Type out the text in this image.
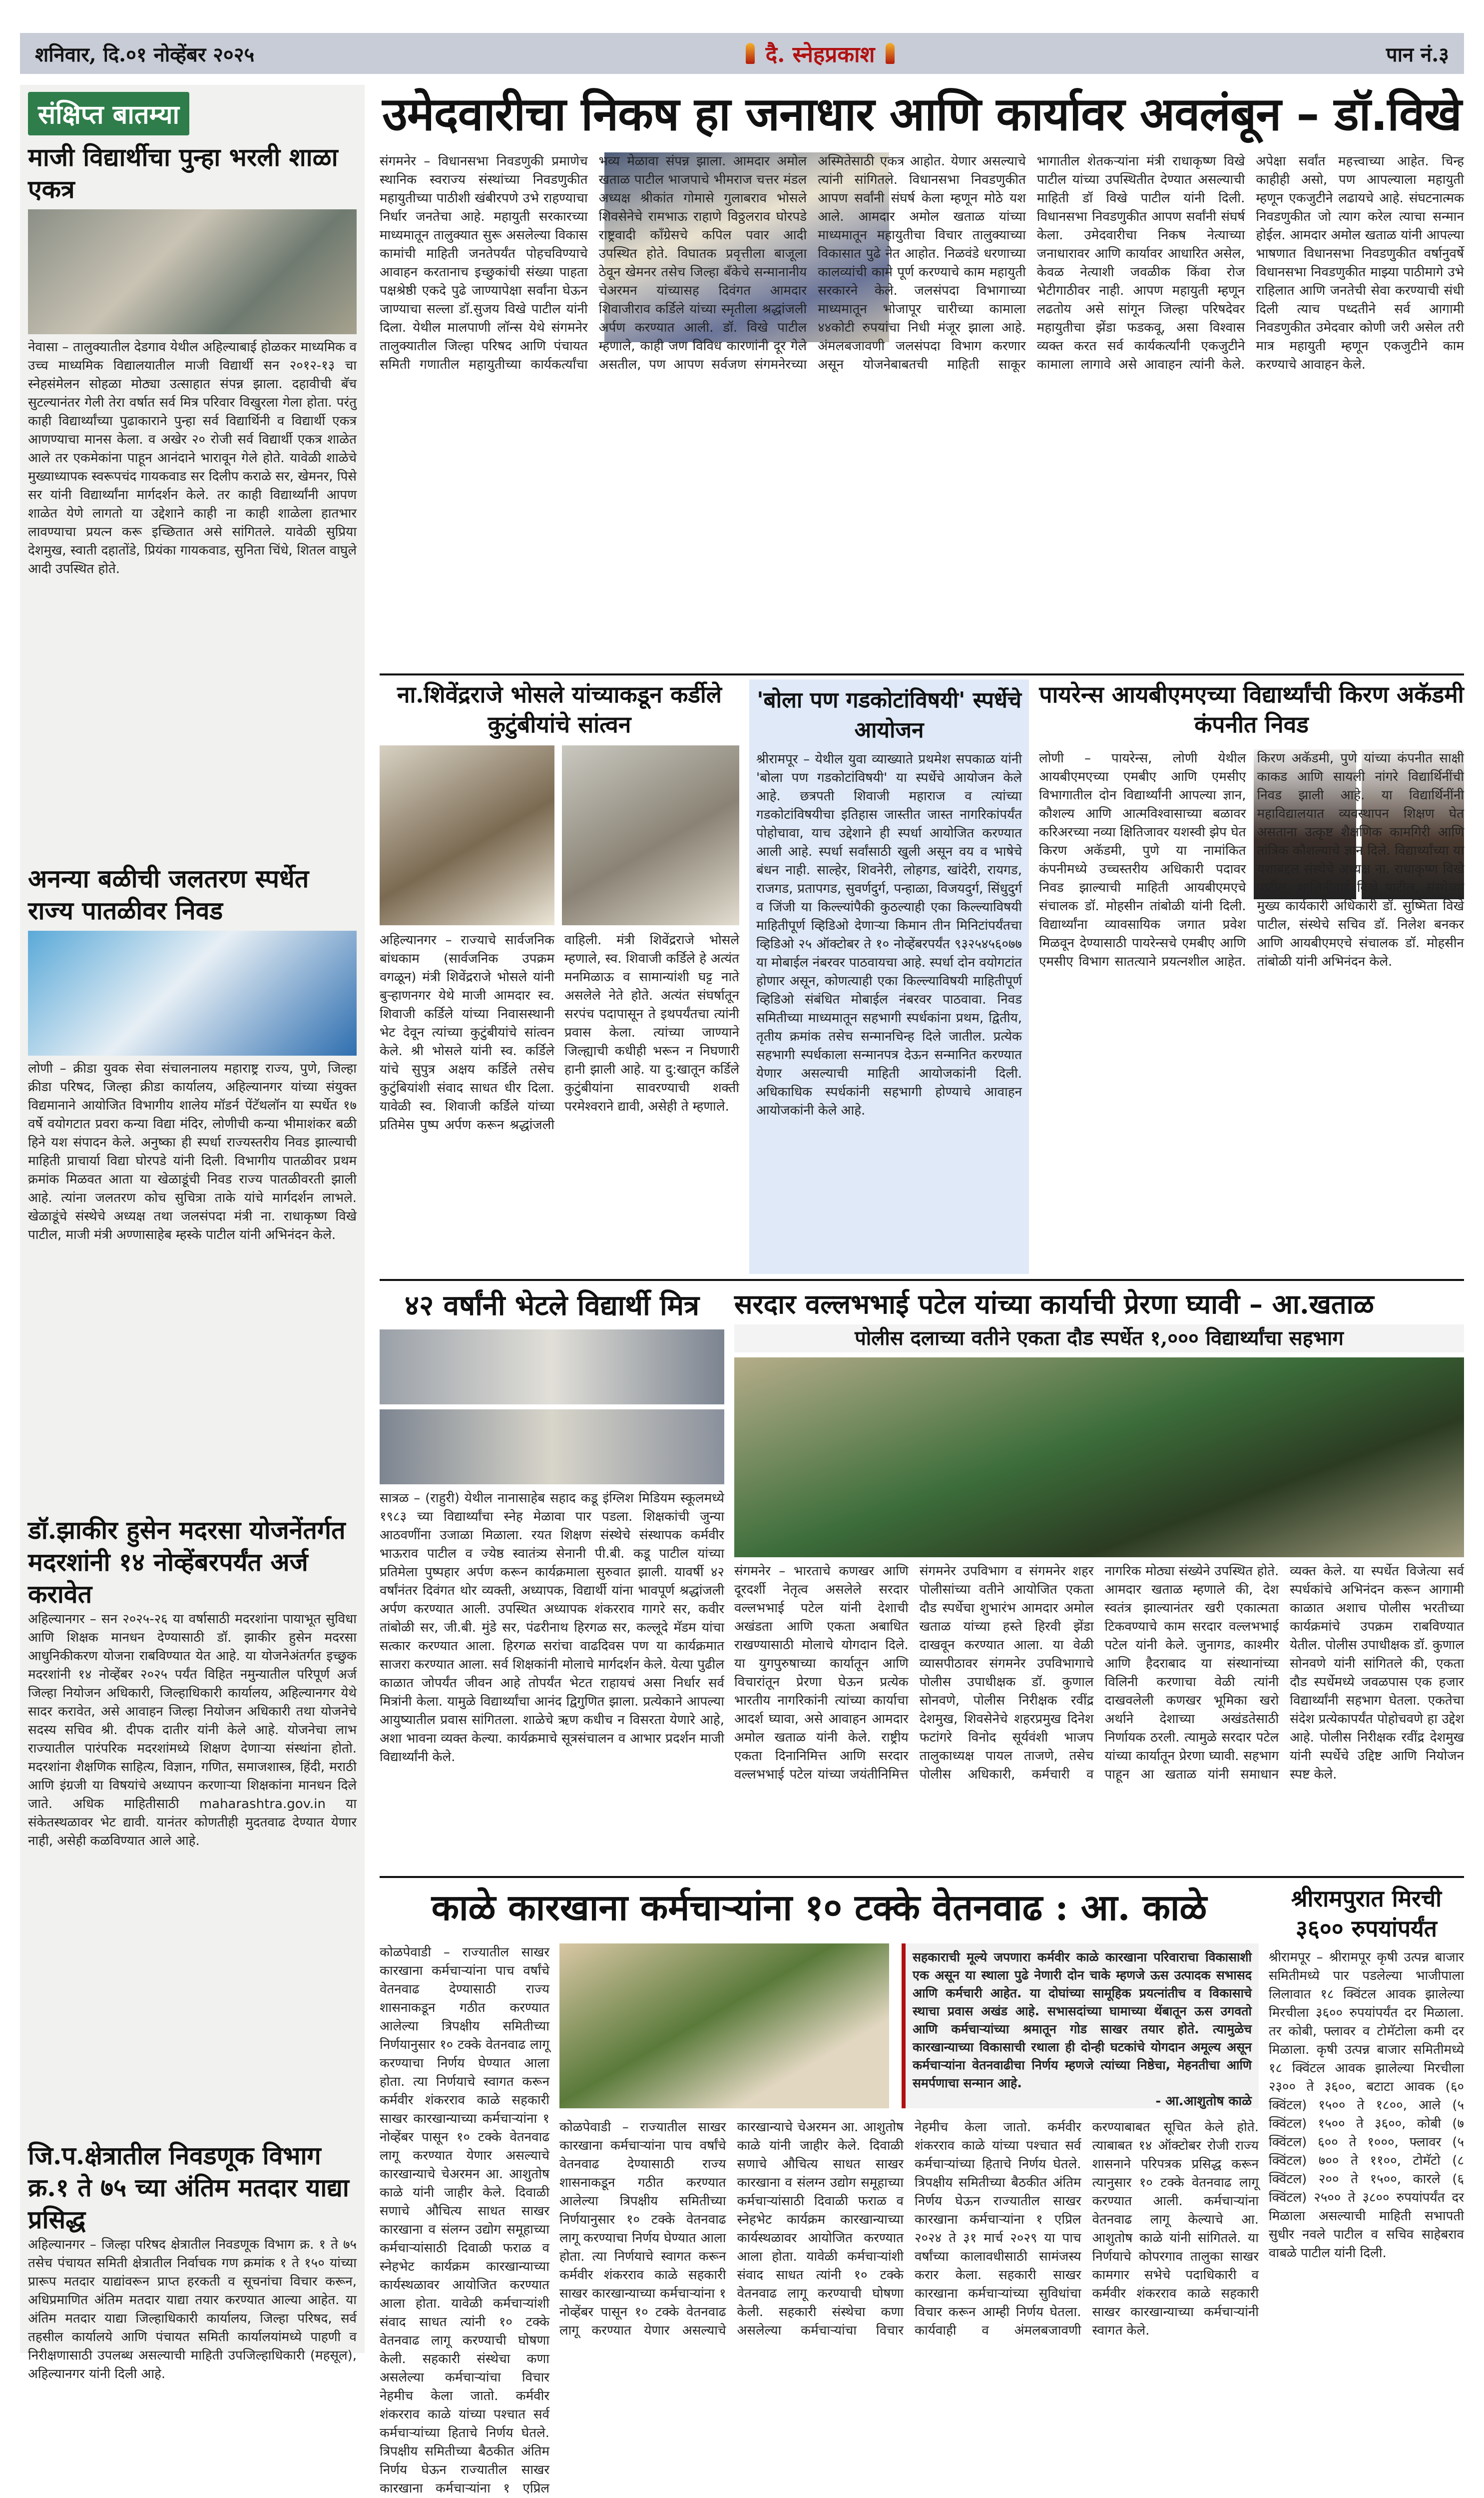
शनिवार, दि.०१ नोव्हेंबर २०२५	दै. स्नेहप्रकाश	पान नं.३
संक्षिप्त बातम्या
माजी विद्यार्थीचा पुन्हा भरली शाळा एकत्र
नेवासा – तालुक्यातील देडगाव येथील अहिल्याबाई होळकर माध्यमिक व उच्च माध्यमिक विद्यालयातील माजी विद्यार्थी सन २०१२-१३ चा स्नेहसंमेलन सोहळा मोठ्या उत्साहात संपन्न झाला. दहावीची बॅच सुटल्यानंतर गेली तेरा वर्षात सर्व मित्र परिवार विखुरला गेला होता. परंतु काही विद्यार्थ्यांच्या पुढाकाराने पुन्हा सर्व विद्यार्थिनी व विद्यार्थी एकत्र आणण्याचा मानस केला. व अखेर २० रोजी सर्व विद्यार्थी एकत्र शाळेत आले तर एकमेकांना पाहून आनंदाने भारावून गेले होते. यावेळी शाळेचे मुख्याध्यापक स्वरूपचंद गायकवाड सर दिलीप कराळे सर, खेमनर, पिसे सर यांनी विद्यार्थ्यांना मार्गदर्शन केले. तर काही विद्यार्थ्यांनी आपण शाळेत येणे लागतो या उद्देशाने काही ना काही शाळेला हातभार लावण्याचा प्रयत्न करू इच्छितात असे सांगितले. यावेळी सुप्रिया देशमुख, स्वाती दहातोंडे, प्रियंका गायकवाड, सुनिता चिंधे, शितल वाघुले आदी उपस्थित होते.
अनन्या बळीची जलतरण स्पर्धेत राज्य पातळीवर निवड
लोणी – क्रीडा युवक सेवा संचालनालय महाराष्ट्र राज्य, पुणे, जिल्हा क्रीडा परिषद, जिल्हा क्रीडा कार्यालय, अहिल्यानगर यांच्या संयुक्त विद्यमानाने आयोजित विभागीय शालेय मॉडर्न पेंटॅथलॉन या स्पर्धेत १७ वर्षे वयोगटात प्रवरा कन्या विद्या मंदिर, लोणीची कन्या भीमाशंकर बळी हिने यश संपादन केले. अनुष्का ही स्पर्धा राज्यस्तरीय निवड झाल्याची माहिती प्राचार्या विद्या घोरपडे यांनी दिली. विभागीय पातळीवर प्रथम क्रमांक मिळवत आता या खेळाडूंची निवड राज्य पातळीवरती झाली आहे. त्यांना जलतरण कोच सुचित्रा ताके यांचे मार्गदर्शन लाभले. खेळाडूंचे संस्थेचे अध्यक्ष तथा जलसंपदा मंत्री ना. राधाकृष्ण विखे पाटील, माजी मंत्री अण्णासाहेब म्हस्के पाटील यांनी अभिनंदन केले.
डॉ.झाकीर हुसेन मदरसा योजनेंतर्गत मदरशांनी १४ नोव्हेंबरपर्यंत अर्ज करावेत
अहिल्यानगर – सन २०२५-२६ या वर्षासाठी मदरशांना पायाभूत सुविधा आणि शिक्षक मानधन देण्यासाठी डॉ. झाकीर हुसेन मदरसा आधुनिकीकरण योजना राबविण्यात येत आहे. या योजनेअंतर्गत इच्छुक मदरशांनी १४ नोव्हेंबर २०२५ पर्यंत विहित नमुन्यातील परिपूर्ण अर्ज जिल्हा नियोजन अधिकारी, जिल्हाधिकारी कार्यालय, अहिल्यानगर येथे सादर करावेत, असे आवाहन जिल्हा नियोजन अधिकारी तथा योजनेचे सदस्य सचिव श्री. दीपक दातीर यांनी केले आहे. योजनेचा लाभ राज्यातील पारंपरिक मदरशांमध्ये शिक्षण देणाऱ्या संस्थांना होतो. मदरशांना शैक्षणिक साहित्य, विज्ञान, गणित, समाजशास्त्र, हिंदी, मराठी आणि इंग्रजी या विषयांचे अध्यापन करणाऱ्या शिक्षकांना मानधन दिले जाते. अधिक माहितीसाठी maharashtra.gov.in या संकेतस्थळावर भेट द्यावी. यानंतर कोणतीही मुदतवाढ देण्यात येणार नाही, असेही कळविण्यात आले आहे.
जि.प.क्षेत्रातील निवडणूक विभाग क्र.१ ते ७५ च्या अंतिम मतदार याद्या प्रसिद्ध
अहिल्यानगर – जिल्हा परिषद क्षेत्रातील निवडणूक विभाग क्र. १ ते ७५ तसेच पंचायत समिती क्षेत्रातील निर्वाचक गण क्रमांक १ ते १५० यांच्या प्रारूप मतदार याद्यांवरून प्राप्त हरकती व सूचनांचा विचार करून, अधिप्रमाणित अंतिम मतदार याद्या तयार करण्यात आल्या आहेत. या अंतिम मतदार याद्या जिल्हाधिकारी कार्यालय, जिल्हा परिषद, सर्व तहसील कार्यालये आणि पंचायत समिती कार्यालयांमध्ये पाहणी व निरीक्षणासाठी उपलब्ध असल्याची माहिती उपजिल्हाधिकारी (महसूल), अहिल्यानगर यांनी दिली आहे.
उमेदवारीचा निकष हा जनाधार आणि कार्यावर अवलंबून – डॉ.विखे
संगमनेर – विधानसभा निवडणुकी प्रमाणेच स्थानिक स्वराज्य संस्थांच्या निवडणुकीत महायुतीच्या पाठीशी खंबीरपणे उभे राहण्याचा निर्धार जनतेचा आहे. महायुती सरकारच्या माध्यमातून तालुक्यात सुरू असलेल्या विकास कामांची माहिती जनतेपर्यंत पोहचविण्याचे आवाहन करतानाच इच्छुकांची संख्या पाहता पक्षश्रेष्ठी एकदे पुढे जाण्यापेक्षा सर्वांना घेऊन जाण्याचा सल्ला डॉ.सुजय विखे पाटील यांनी दिला. येथील मालपाणी लॉन्स येथे संगमनेर तालुक्यातील जिल्हा परिषद आणि पंचायत समिती गणातील महायुतीच्या कार्यकर्त्यांचा भव्य मेळावा संपन्न झाला. आमदार अमोल खताळ पाटील भाजपाचे भीमराज चत्तर मंडल अध्यक्ष श्रीकांत गोमासे गुलाबराव भोसले शिवसेनेचे रामभाऊ राहाणे विठ्ठलराव घोरपडे राष्ट्रवादी काँग्रेसचे कपिल पवार आदी उपस्थित होते. विघातक प्रवृत्तीला बाजूला ठेवून खेमनर तसेच जिल्हा बँकेचे सन्मानानीय चेअरमन यांच्यासह दिवंगत आमदार शिवाजीराव कर्डिले यांच्या स्मृतीला श्रद्धांजली अर्पण करण्यात आली. डॉ. विखे पाटील म्हणाले, काही जण विविध कारणांनी दूर गेले असतील, पण आपण सर्वजण संगमनेरच्या अस्मितेसाठी एकत्र आहोत. येणार असल्याचे त्यांनी सांगितले. विधानसभा निवडणुकीत आपण सर्वांनी संघर्ष केला म्हणून मोठे यश आले. आमदार अमोल खताळ यांच्या माध्यमातून महायुतीचा विचार तालुक्याच्या विकासात पुढे नेत आहोत. निळवंडे धरणाच्या कालव्यांची कामे पूर्ण करण्याचे काम महायुती सरकारने केले. जलसंपदा विभागाच्या माध्यमातून भोजापूर चारीच्या कामाला ४४कोटी रुपयांचा निधी मंजूर झाला आहे. अंमलबजावणी जलसंपदा विभाग करणार असून योजनेबाबतची माहिती साकूर भागातील शेतकऱ्यांना मंत्री राधाकृष्ण विखे पाटील यांच्या उपस्थितीत देण्यात असल्याची माहिती डॉ विखे पाटील यांनी दिली. विधानसभा निवडणुकीत आपण सर्वांनी संघर्ष केला. उमेदवारीचा निकष नेत्याच्या जनाधारावर आणि कार्यावर आधारित असेल, केवळ नेत्याशी जवळीक किंवा रोज भेटीगाठीवर नाही. आपण महायुती म्हणून लढतोय असे सांगून जिल्हा परिषदेवर महायुतीचा झेंडा फडकवू, असा विश्वास व्यक्त करत सर्व कार्यकर्त्यांनी एकजुटीने कामाला लागावे असे आवाहन त्यांनी केले. अपेक्षा सर्वांत महत्त्वाच्या आहेत. चिन्ह काहीही असो, पण आपल्याला महायुती म्हणून एकजुटीने लढायचे आहे. संघटनात्मक निवडणुकीत जो त्याग करेल त्याचा सन्मान होईल. आमदार अमोल खताळ यांनी आपल्या भाषणात विधानसभा निवडणुकीत वर्षानुवर्षे विधानसभा निवडणुकीत माझ्या पाठीमागे उभे राहिलात आणि जनतेची सेवा करण्याची संधी दिली त्याच पध्दतीने सर्व आगामी निवडणुकीत उमेदवार कोणी जरी असेल तरी मात्र महायुती म्हणून एकजुटीने काम करण्याचे आवाहन केले.
ना.शिवेंद्रराजे भोसले यांच्याकडून कर्डीले कुटुंबीयांचे सांत्वन
अहिल्यानगर – राज्याचे सार्वजनिक बांधकाम (सार्वजनिक उपक्रम वगळून) मंत्री शिवेंद्रराजे भोसले यांनी बुऱ्हाणनगर येथे माजी आमदार स्व. शिवाजी कर्डिले यांच्या निवासस्थानी भेट देवून त्यांच्या कुटुंबीयांचे सांत्वन केले. श्री भोसले यांनी स्व. कर्डिले यांचे सुपुत्र अक्षय कर्डिले तसेच कुटुंबियांशी संवाद साधत धीर दिला. यावेळी स्व. शिवाजी कर्डिले यांच्या प्रतिमेस पुष्प अर्पण करून श्रद्धांजली वाहिली. मंत्री शिवेंद्रराजे भोसले म्हणाले, स्व. शिवाजी कर्डिले हे अत्यंत मनमिळाऊ व सामान्यांशी घट्ट नाते असलेले नेते होते. अत्यंत संघर्षातून सरपंच पदापासून ते इथपर्यंतचा त्यांनी प्रवास केला. त्यांच्या जाण्याने जिल्ह्याची कधीही भरून न निघणारी हानी झाली आहे. या दु:खातून कर्डिले कुटुंबीयांना सावरण्याची शक्ती परमेश्वराने द्यावी, असेही ते म्हणाले.
'बोला पण गडकोटांविषयी' स्पर्धेचे आयोजन
श्रीरामपूर – येथील युवा व्याख्याते प्रथमेश सपकाळ यांनी 'बोला पण गडकोटांविषयी' या स्पर्धेचे आयोजन केले आहे. छत्रपती शिवाजी महाराज व त्यांच्या गडकोटांविषयीचा इतिहास जास्तीत जास्त नागरिकांपर्यंत पोहोचावा, याच उद्देशाने ही स्पर्धा आयोजित करण्यात आली आहे. स्पर्धा सर्वांसाठी खुली असून वय व भाषेचे बंधन नाही. साल्हेर, शिवनेरी, लोहगड, खांदेरी, रायगड, राजगड, प्रतापगड, सुवर्णदुर्ग, पन्हाळा, विजयदुर्ग, सिंधुदुर्ग व जिंजी या किल्ल्यांपैकी कुठल्याही एका किल्ल्याविषयी माहितीपूर्ण व्हिडिओ देणाऱ्या किमान तीन मिनिटांपर्यंतचा व्हिडिओ २५ ऑक्टोबर ते १० नोव्हेंबरपर्यंत ९३२५४५६०७७ या मोबाईल नंबरवर पाठवायचा आहे. स्पर्धा दोन वयोगटांत होणार असून, कोणत्याही एका किल्ल्याविषयी माहितीपूर्ण व्हिडिओ संबंधित मोबाईल नंबरवर पाठवावा. निवड समितीच्या माध्यमातून सहभागी स्पर्धकांना प्रथम, द्वितीय, तृतीय क्रमांक तसेच सन्मानचिन्ह दिले जातील. प्रत्येक सहभागी स्पर्धकाला सन्मानपत्र देऊन सन्मानित करण्यात येणार असल्याची माहिती आयोजकांनी दिली. अधिकाधिक स्पर्धकांनी सहभागी होण्याचे आवाहन आयोजकांनी केले आहे.
पायरेन्स आयबीएमएच्या विद्यार्थ्यांची किरण अकॅडमी कंपनीत निवड
लोणी – पायरेन्स, लोणी येथील आयबीएमएच्या एमबीए आणि एमसीए विभागातील दोन विद्यार्थ्यांनी आपल्या ज्ञान, कौशल्य आणि आत्मविश्वासाच्या बळावर करिअरच्या नव्या क्षितिजावर यशस्वी झेप घेत किरण अकॅडमी, पुणे या नामांकित कंपनीमध्ये उच्चस्तरीय अधिकारी पदावर निवड झाल्याची माहिती आयबीएमएचे संचालक डॉ. मोहसीन तांबोळी यांनी दिली. विद्यार्थ्यांना व्यावसायिक जगात प्रवेश मिळवून देण्यासाठी पायरेन्सचे एमबीए आणि एमसीए विभाग सातत्याने प्रयत्नशील आहेत. किरण अकॅडमी, पुणे यांच्या कंपनीत साक्षी काकड आणि सायली नांगरे विद्यार्थिनींची निवड झाली आहे. या विद्यार्थिनींनी महाविद्यालयात व्यवस्थापन शिक्षण घेत असताना उत्कृष्ट शैक्षणिक कामगिरी आणि तांत्रिक कौशल्याचे ज्ञान दिले. विद्यार्थ्यांच्या या यशाबद्दल संस्थेचे अध्यक्ष ना. राधाकृष्ण विखे पाटील, शालिनीताई विखे पाटील, संस्थेच्या मुख्य कार्यकारी अधिकारी डॉ. सुष्मिता विखे पाटील, संस्थेचे सचिव डॉ. निलेश बनकर आणि आयबीएमएचे संचालक डॉ. मोहसीन तांबोळी यांनी अभिनंदन केले.
४२ वर्षांनी भेटले विद्यार्थी मित्र
सात्रळ – (राहुरी) येथील नानासाहेब सहाद कडू इंग्लिश मिडियम स्कूलमध्ये १९८३ च्या विद्यार्थ्यांचा स्नेह मेळावा पार पडला. शिक्षकांची जुन्या आठवणींना उजाळा मिळाला. रयत शिक्षण संस्थेचे संस्थापक कर्मवीर भाऊराव पाटील व ज्येष्ठ स्वातंत्र्य सेनानी पी.बी. कडू पाटील यांच्या प्रतिमेला पुष्पहार अर्पण करून कार्यक्रमाला सुरुवात झाली. यावर्षी ४२ वर्षांनंतर दिवंगत थोर व्यक्ती, अध्यापक, विद्यार्थी यांना भावपूर्ण श्रद्धांजली अर्पण करण्यात आली. उपस्थित अध्यापक शंकरराव गागरे सर, कवीर तांबोळी सर, जी.बी. मुंडे सर, पंढरीनाथ हिरगळ सर, कल्लूदे मॅडम यांचा सत्कार करण्यात आला. हिरगळ सरांचा वाढदिवस पण या कार्यक्रमात साजरा करण्यात आला. सर्व शिक्षकांनी मोलाचे मार्गदर्शन केले. येत्या पुढील काळात जोपर्यंत जीवन आहे तोपर्यंत भेटत राहायचं असा निर्धार सर्व मित्रांनी केला. यामुळे विद्यार्थ्यांचा आनंद द्विगुणित झाला. प्रत्येकाने आपल्या आयुष्यातील प्रवास सांगितला. शाळेचे ऋण कधीच न विसरता येणारे आहे, अशा भावना व्यक्त केल्या. कार्यक्रमाचे सूत्रसंचालन व आभार प्रदर्शन माजी विद्यार्थ्यांनी केले.
सरदार वल्लभभाई पटेल यांच्या कार्याची प्रेरणा घ्यावी – आ.खताळ
पोलीस दलाच्या वतीने एकता दौड स्पर्धेत १,००० विद्यार्थ्यांचा सहभाग
संगमनेर – भारताचे कणखर आणि दूरदर्शी नेतृत्व असलेले सरदार वल्लभभाई पटेल यांनी देशाची अखंडता आणि एकता अबाधित राखण्यासाठी मोलाचे योगदान दिले. या युगपुरुषाच्या कार्यातून आणि विचारांतून प्रेरणा घेऊन प्रत्येक भारतीय नागरिकांनी त्यांच्या कार्याचा आदर्श घ्यावा, असे आवाहन आमदार अमोल खताळ यांनी केले. राष्ट्रीय एकता दिनानिमित्त आणि सरदार वल्लभभाई पटेल यांच्या जयंतीनिमित्त संगमनेर उपविभाग व संगमनेर शहर पोलीसांच्या वतीने आयोजित एकता दौड स्पर्धेचा शुभारंभ आमदार अमोल खताळ यांच्या हस्ते हिरवी झेंडा दाखवून करण्यात आला. या वेळी व्यासपीठावर संगमनेर उपविभागाचे पोलीस उपाधीक्षक डॉ. कुणाल सोनवणे, पोलीस निरीक्षक रवींद्र देशमुख, शिवसेनेचे शहरप्रमुख दिनेश फटांगरे विनोद सूर्यवंशी भाजप तालुकाध्यक्ष पायल ताजणे, तसेच पोलीस अधिकारी, कर्मचारी व नागरिक मोठ्या संख्येने उपस्थित होते. आमदार खताळ म्हणाले की, देश स्वतंत्र झाल्यानंतर खरी एकात्मता टिकवण्याचे काम सरदार वल्लभभाई पटेल यांनी केले. जुनागड, काश्मीर आणि हैदराबाद या संस्थानांच्या विलिनी करणाचा वेळी त्यांनी दाखवलेली कणखर भूमिका खरो अर्थाने देशाच्या अखंडतेसाठी निर्णायक ठरली. त्यामुळे सरदार पटेल यांच्या कार्यातून प्रेरणा घ्यावी. सहभाग पाहून आ खताळ यांनी समाधान व्यक्त केले. या स्पर्धेत विजेत्या सर्व स्पर्धकांचे अभिनंदन करून आगामी काळात अशाच पोलीस भरतीच्या कार्यक्रमांचे उपक्रम राबविण्यात येतील. पोलीस उपाधीक्षक डॉ. कुणाल सोनवणे यांनी सांगितले की, एकता दौड स्पर्धेमध्ये जवळपास एक हजार विद्यार्थ्यांनी सहभाग घेतला. एकतेचा संदेश प्रत्येकापर्यंत पोहोचवणे हा उद्देश आहे. पोलीस निरीक्षक रवींद्र देशमुख यांनी स्पर्धेचे उद्दिष्ट आणि नियोजन स्पष्ट केले.
काळे कारखाना कर्मचाऱ्यांना १० टक्के वेतनवाढ : आ. काळे
सहकाराची मूल्ये जपणारा कर्मवीर काळे कारखाना परिवाराचा विकासाशी एक असून या स्थाला पुढे नेणारी दोन चाके म्हणजे ऊस उत्पादक सभासद आणि कर्मचारी आहेत. या दोघांच्या सामूहिक प्रयत्नांतीच व विकासाचे स्थाचा प्रवास अखंड आहे. सभासदांच्या घामाच्या थेंबातून ऊस उगवतो आणि कर्मचाऱ्यांच्या श्रमातून गोड साखर तयार होते. त्यामुळेच कारखान्याच्या विकासाची रथाला ही दोन्ही घटकांचे योगदान अमूल्य असून कर्मचाऱ्यांना वेतनवाढीचा निर्णय म्हणजे त्यांच्या निष्ठेचा, मेहनतीचा आणि समर्पणाचा सन्मान आहे.
- आ.आशुतोष काळे
कोळपेवाडी – राज्यातील साखर कारखाना कर्मचाऱ्यांना पाच वर्षांचे वेतनवाढ देण्यासाठी राज्य शासनाकडून गठीत करण्यात आलेल्या त्रिपक्षीय समितीच्या निर्णयानुसार १० टक्के वेतनवाढ लागू करण्याचा निर्णय घेण्यात आला होता. त्या निर्णयाचे स्वागत करून कर्मवीर शंकरराव काळे सहकारी साखर कारखान्याच्या कर्मचाऱ्यांना १ नोव्हेंबर पासून १० टक्के वेतनवाढ लागू करण्यात येणार असल्याचे कारखान्याचे चेअरमन आ. आशुतोष काळे यांनी जाहीर केले. दिवाळी सणाचे औचित्य साधत साखर कारखाना व संलग्न उद्योग समूहाच्या कर्मचाऱ्यांसाठी दिवाळी फराळ व स्नेहभेट कार्यक्रम कारखान्याच्या कार्यस्थळावर आयोजित करण्यात आला होता. यावेळी कर्मचाऱ्यांशी संवाद साधत त्यांनी १० टक्के वेतनवाढ लागू करण्याची घोषणा केली. सहकारी संस्थेचा कणा असलेल्या कर्मचाऱ्यांचा विचार नेहमीच केला जातो. कर्मवीर शंकरराव काळे यांच्या पश्चात सर्व कर्मचाऱ्यांच्या हिताचे निर्णय घेतले. त्रिपक्षीय समितीच्या बैठकीत अंतिम निर्णय घेऊन राज्यातील साखर कारखाना कर्मचाऱ्यांना १ एप्रिल
कोळपेवाडी – राज्यातील साखर कारखाना कर्मचाऱ्यांना पाच वर्षांचे वेतनवाढ देण्यासाठी राज्य शासनाकडून गठीत करण्यात आलेल्या त्रिपक्षीय समितीच्या निर्णयानुसार १० टक्के वेतनवाढ लागू करण्याचा निर्णय घेण्यात आला होता. त्या निर्णयाचे स्वागत करून कर्मवीर शंकरराव काळे सहकारी साखर कारखान्याच्या कर्मचाऱ्यांना १ नोव्हेंबर पासून १० टक्के वेतनवाढ लागू करण्यात येणार असल्याचे कारखान्याचे चेअरमन आ. आशुतोष काळे यांनी जाहीर केले. दिवाळी सणाचे औचित्य साधत साखर कारखाना व संलग्न उद्योग समूहाच्या कर्मचाऱ्यांसाठी दिवाळी फराळ व स्नेहभेट कार्यक्रम कारखान्याच्या कार्यस्थळावर आयोजित करण्यात आला होता. यावेळी कर्मचाऱ्यांशी संवाद साधत त्यांनी १० टक्के वेतनवाढ लागू करण्याची घोषणा केली. सहकारी संस्थेचा कणा असलेल्या कर्मचाऱ्यांचा विचार नेहमीच केला जातो. कर्मवीर शंकरराव काळे यांच्या पश्चात सर्व कर्मचाऱ्यांच्या हिताचे निर्णय घेतले. त्रिपक्षीय समितीच्या बैठकीत अंतिम निर्णय घेऊन राज्यातील साखर कारखाना कर्मचाऱ्यांना १ एप्रिल २०२४ ते ३१ मार्च २०२९ या पाच वर्षांच्या कालावधीसाठी सामंजस्य करार केला. सहकारी साखर कारखाना कर्मचाऱ्यांच्या सुविधांचा विचार करून आम्ही निर्णय घेतला. कार्यवाही व अंमलबजावणी करण्याबाबत सूचित केले होते. त्याबाबत १४ ऑक्टोबर रोजी राज्य शासनाने परिपत्रक प्रसिद्ध करून त्यानुसार १० टक्के वेतनवाढ लागू करण्यात आली. कर्मचाऱ्यांना वेतनवाढ लागू केल्याचे आ. आशुतोष काळे यांनी सांगितले. या निर्णयाचे कोपरगाव तालुका साखर कामगार सभेचे पदाधिकारी व कर्मवीर शंकरराव काळे सहकारी साखर कारखान्याच्या कर्मचाऱ्यांनी स्वागत केले.
श्रीरामपुरात मिरची ३६०० रुपयांपर्यंत
श्रीरामपूर – श्रीरामपूर कृषी उत्पन्न बाजार समितीमध्ये पार पडलेल्या भाजीपाला लिलावात १८ क्विंटल आवक झालेल्या मिरचीला ३६०० रुपयांपर्यंत दर मिळाला. तर कोबी, फ्लावर व टोमॅटोला कमी दर मिळाला. कृषी उत्पन्न बाजार समितीमध्ये १८ क्विंटल आवक झालेल्या मिरचीला २३०० ते ३६००, बटाटा आवक (६० क्विंटल) १५०० ते १८००, आले (५ क्विंटल) १५०० ते ३६००, कोबी (७ क्विंटल) ६०० ते १०००, फ्लावर (५ क्विंटल) ७०० ते ११००, टोमॅटो (८ क्विंटल) २०० ते १५००, कारले (६ क्विंटल) २५०० ते ३८०० रुपयांपर्यंत दर मिळाला असल्याची माहिती सभापती सुधीर नवले पाटील व सचिव साहेबराव वाबळे पाटील यांनी दिली.
